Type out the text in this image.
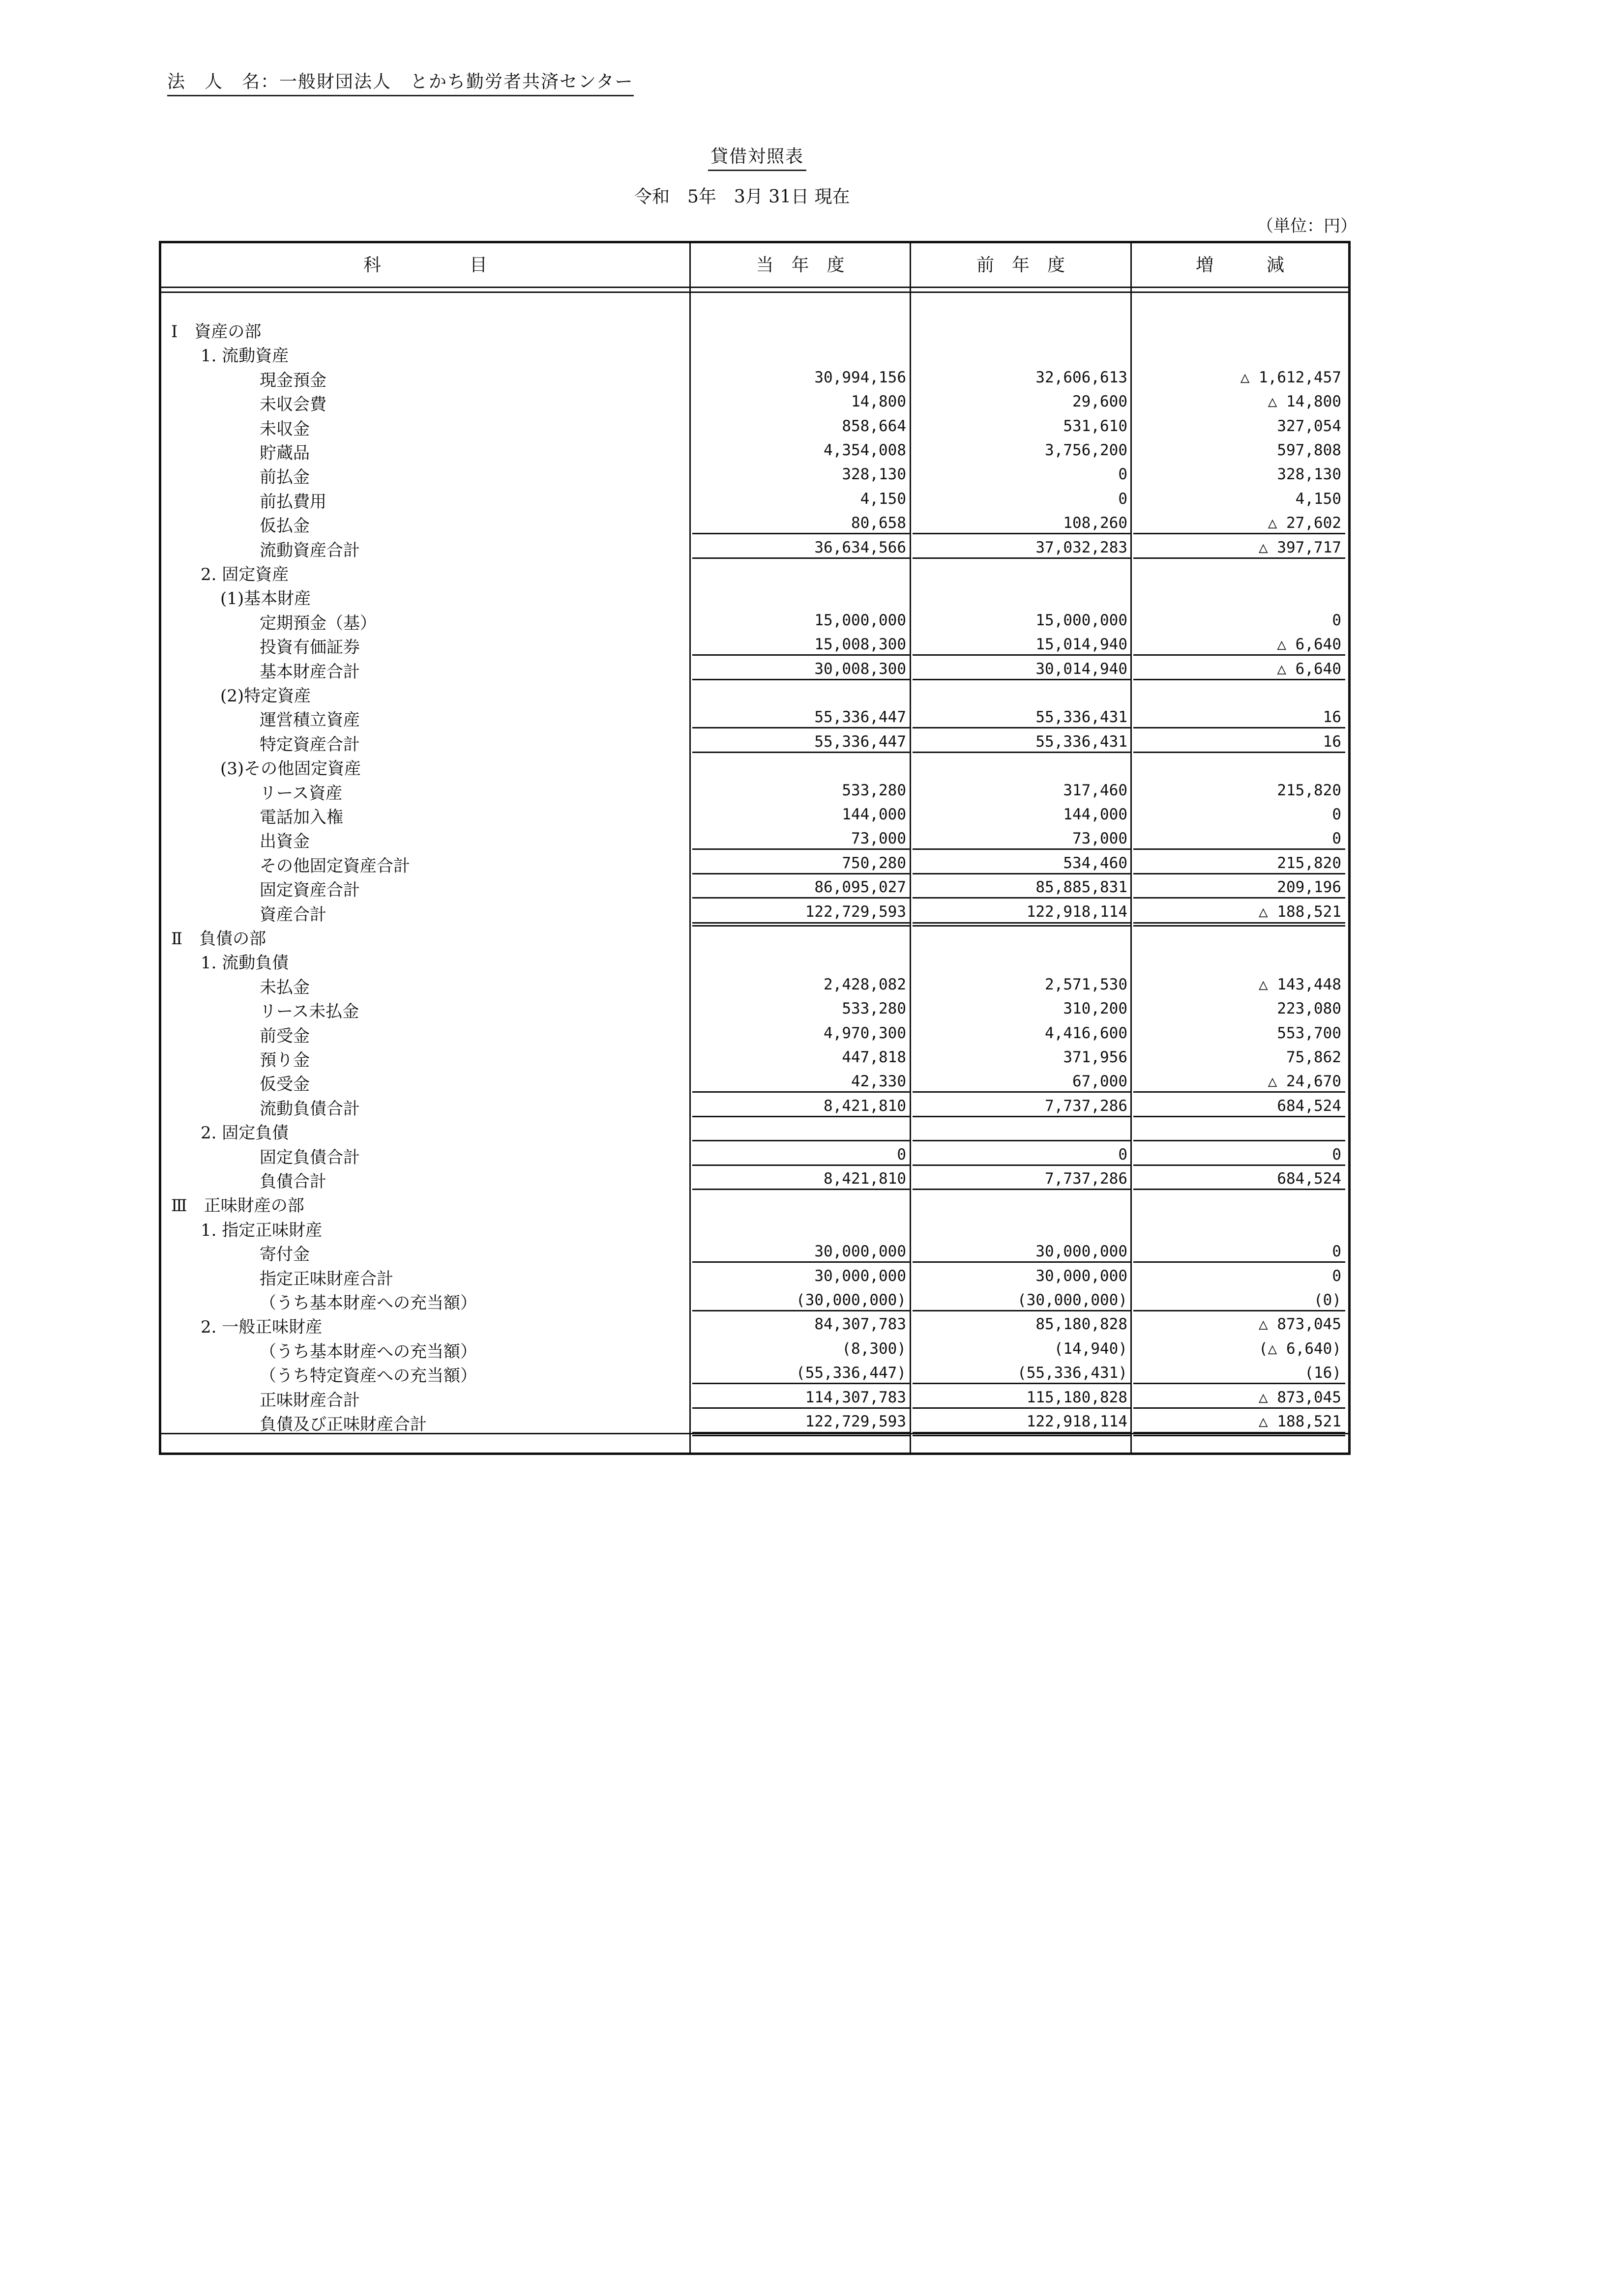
法　人　名：一般財団法人　とかち勤労者共済センター
貸借対照表
令和　5年　3月 31日 現在
（単位：円）
科　　　　　目	当　年　度	前　年　度	増　　　減
Ⅰ　資産の部
1. 流動資産
現金預金	30,994,156	32,606,613	△ 1,612,457
未収会費	14,800	29,600	△ 14,800
未収金	858,664	531,610	327,054
貯蔵品	4,354,008	3,756,200	597,808
前払金	328,130	0	328,130
前払費用	4,150	0	4,150
仮払金	80,658	108,260	△ 27,602
流動資産合計	36,634,566	37,032,283	△ 397,717
2. 固定資産
(1)基本財産
定期預金（基）	15,000,000	15,000,000	0
投資有価証券	15,008,300	15,014,940	△ 6,640
基本財産合計	30,008,300	30,014,940	△ 6,640
(2)特定資産
運営積立資産	55,336,447	55,336,431	16
特定資産合計	55,336,447	55,336,431	16
(3)その他固定資産
リース資産	533,280	317,460	215,820
電話加入権	144,000	144,000	0
出資金	73,000	73,000	0
その他固定資産合計	750,280	534,460	215,820
固定資産合計	86,095,027	85,885,831	209,196
資産合計	122,729,593	122,918,114	△ 188,521
Ⅱ　負債の部
1. 流動負債
未払金	2,428,082	2,571,530	△ 143,448
リース未払金	533,280	310,200	223,080
前受金	4,970,300	4,416,600	553,700
預り金	447,818	371,956	75,862
仮受金	42,330	67,000	△ 24,670
流動負債合計	8,421,810	7,737,286	684,524
2. 固定負債
固定負債合計	0	0	0
負債合計	8,421,810	7,737,286	684,524
Ⅲ　正味財産の部
1. 指定正味財産
寄付金	30,000,000	30,000,000	0
指定正味財産合計	30,000,000	30,000,000	0
（うち基本財産への充当額）	(30,000,000)	(30,000,000)	(0)
2. 一般正味財産	84,307,783	85,180,828	△ 873,045
（うち基本財産への充当額）	(8,300)	(14,940)	(△ 6,640)
（うち特定資産への充当額）	(55,336,447)	(55,336,431)	(16)
正味財産合計	114,307,783	115,180,828	△ 873,045
負債及び正味財産合計	122,729,593	122,918,114	△ 188,521
